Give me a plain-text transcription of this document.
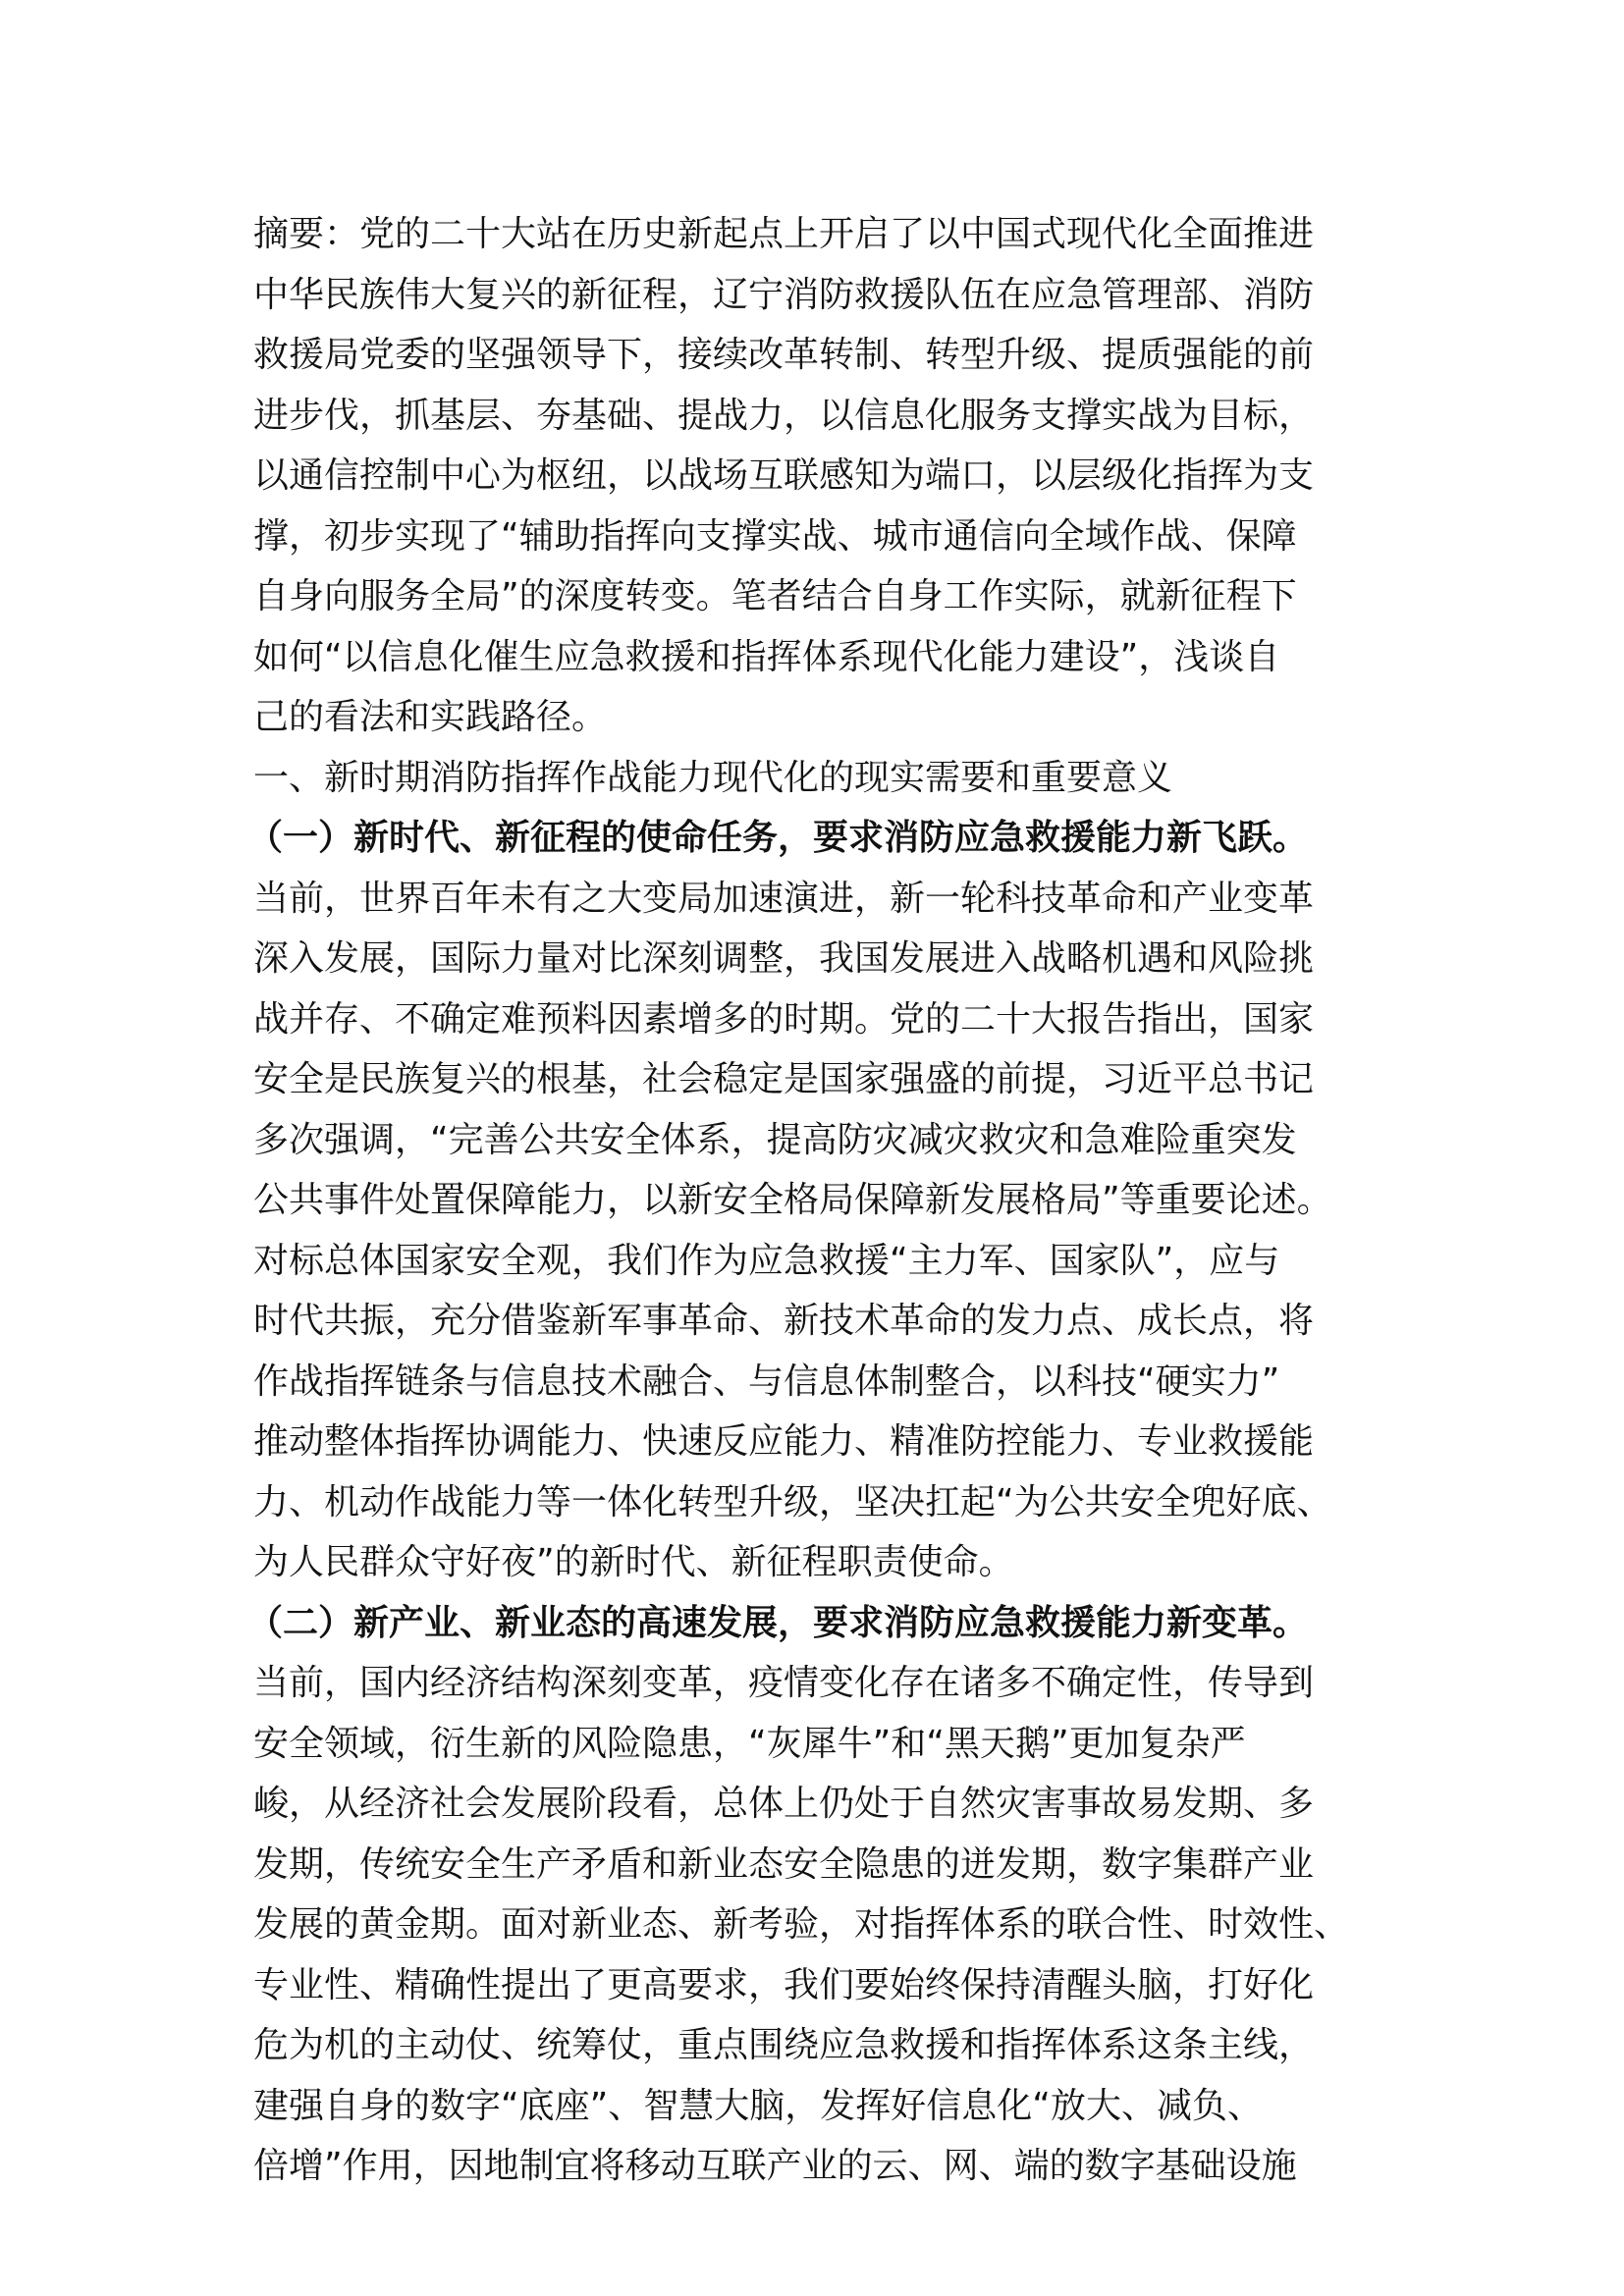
摘要：党的二十大站在历史新起点上开启了以中国式现代化全面推进
中华民族伟大复兴的新征程，辽宁消防救援队伍在应急管理部、消防
救援局党委的坚强领导下，接续改革转制、转型升级、提质强能的前
进步伐，抓基层、夯基础、提战力，以信息化服务支撑实战为目标，
以通信控制中心为枢纽，以战场互联感知为端口，以层级化指挥为支
撑，初步实现了“辅助指挥向支撑实战、城市通信向全域作战、保障
自身向服务全局”的深度转变。笔者结合自身工作实际，就新征程下
如何“以信息化催生应急救援和指挥体系现代化能力建设”，浅谈自
己的看法和实践路径。
一、新时期消防指挥作战能力现代化的现实需要和重要意义
（一）新时代、新征程的使命任务，要求消防应急救援能力新飞跃。
当前，世界百年未有之大变局加速演进，新一轮科技革命和产业变革
深入发展，国际力量对比深刻调整，我国发展进入战略机遇和风险挑
战并存、不确定难预料因素增多的时期。党的二十大报告指出，国家
安全是民族复兴的根基，社会稳定是国家强盛的前提，习近平总书记
多次强调，“完善公共安全体系，提高防灾减灾救灾和急难险重突发
公共事件处置保障能力，以新安全格局保障新发展格局”等重要论述。
对标总体国家安全观，我们作为应急救援“主力军、国家队”，应与
时代共振，充分借鉴新军事革命、新技术革命的发力点、成长点，将
作战指挥链条与信息技术融合、与信息体制整合，以科技“硬实力”
推动整体指挥协调能力、快速反应能力、精准防控能力、专业救援能
力、机动作战能力等一体化转型升级，坚决扛起“为公共安全兜好底、
为人民群众守好夜”的新时代、新征程职责使命。
（二）新产业、新业态的高速发展，要求消防应急救援能力新变革。
当前，国内经济结构深刻变革，疫情变化存在诸多不确定性，传导到
安全领域，衍生新的风险隐患，“灰犀牛”和“黑天鹅”更加复杂严
峻，从经济社会发展阶段看，总体上仍处于自然灾害事故易发期、多
发期，传统安全生产矛盾和新业态安全隐患的迸发期，数字集群产业
发展的黄金期。面对新业态、新考验，对指挥体系的联合性、时效性、
专业性、精确性提出了更高要求，我们要始终保持清醒头脑，打好化
危为机的主动仗、统筹仗，重点围绕应急救援和指挥体系这条主线，
建强自身的数字“底座”、智慧大脑，发挥好信息化“放大、减负、
倍增”作用，因地制宜将移动互联产业的云、网、端的数字基础设施
